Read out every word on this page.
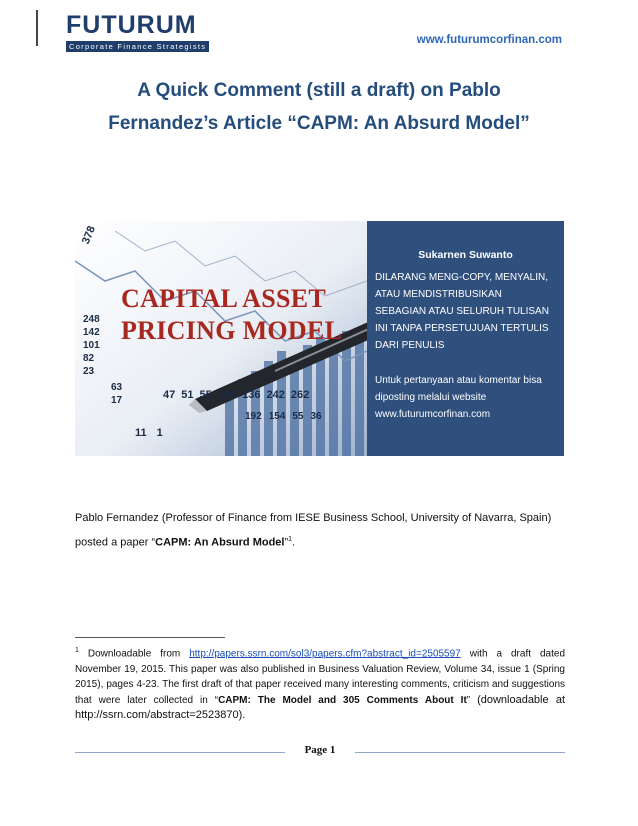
FUTURUM
Corporate Finance Strategists
www.futurumcorfinan.com
A Quick Comment (still a draft) on Pablo
Fernandez’s Article “CAPM: An Absurd Model”
378
248
142
101
82
23
63
17	47 51 55 100 136 242 262
192 154 55 36
11 1
CAPITAL ASSET
PRICING MODEL
Sukarnen Suwanto
DILARANG MENG-COPY, MENYALIN,
ATAU MENDISTRIBUSIKAN
SEBAGIAN ATAU SELURUH TULISAN
INI TANPA PERSETUJUAN TERTULIS
DARI PENULIS
Untuk pertanyaan atau komentar bisa
diposting melalui website
www.futurumcorfinan.com
Pablo Fernandez (Professor of Finance from IESE Business School, University of Navarra, Spain)
posted a paper “CAPM: An Absurd Model”$^1$.
$^1$ Downloadable from http://papers.ssrn.com/sol3/papers.cfm?abstract_id=2505597 with a draft dated November 19, 2015. This paper was also published in Business Valuation Review, Volume 34, issue 1 (Spring 2015), pages 4-23. The first draft of that paper received many interesting comments, criticism and suggestions that were later collected in “CAPM: The Model and 305 Comments About It” (downloadable at http://ssrn.com/abstract=2523870).
Page 1
